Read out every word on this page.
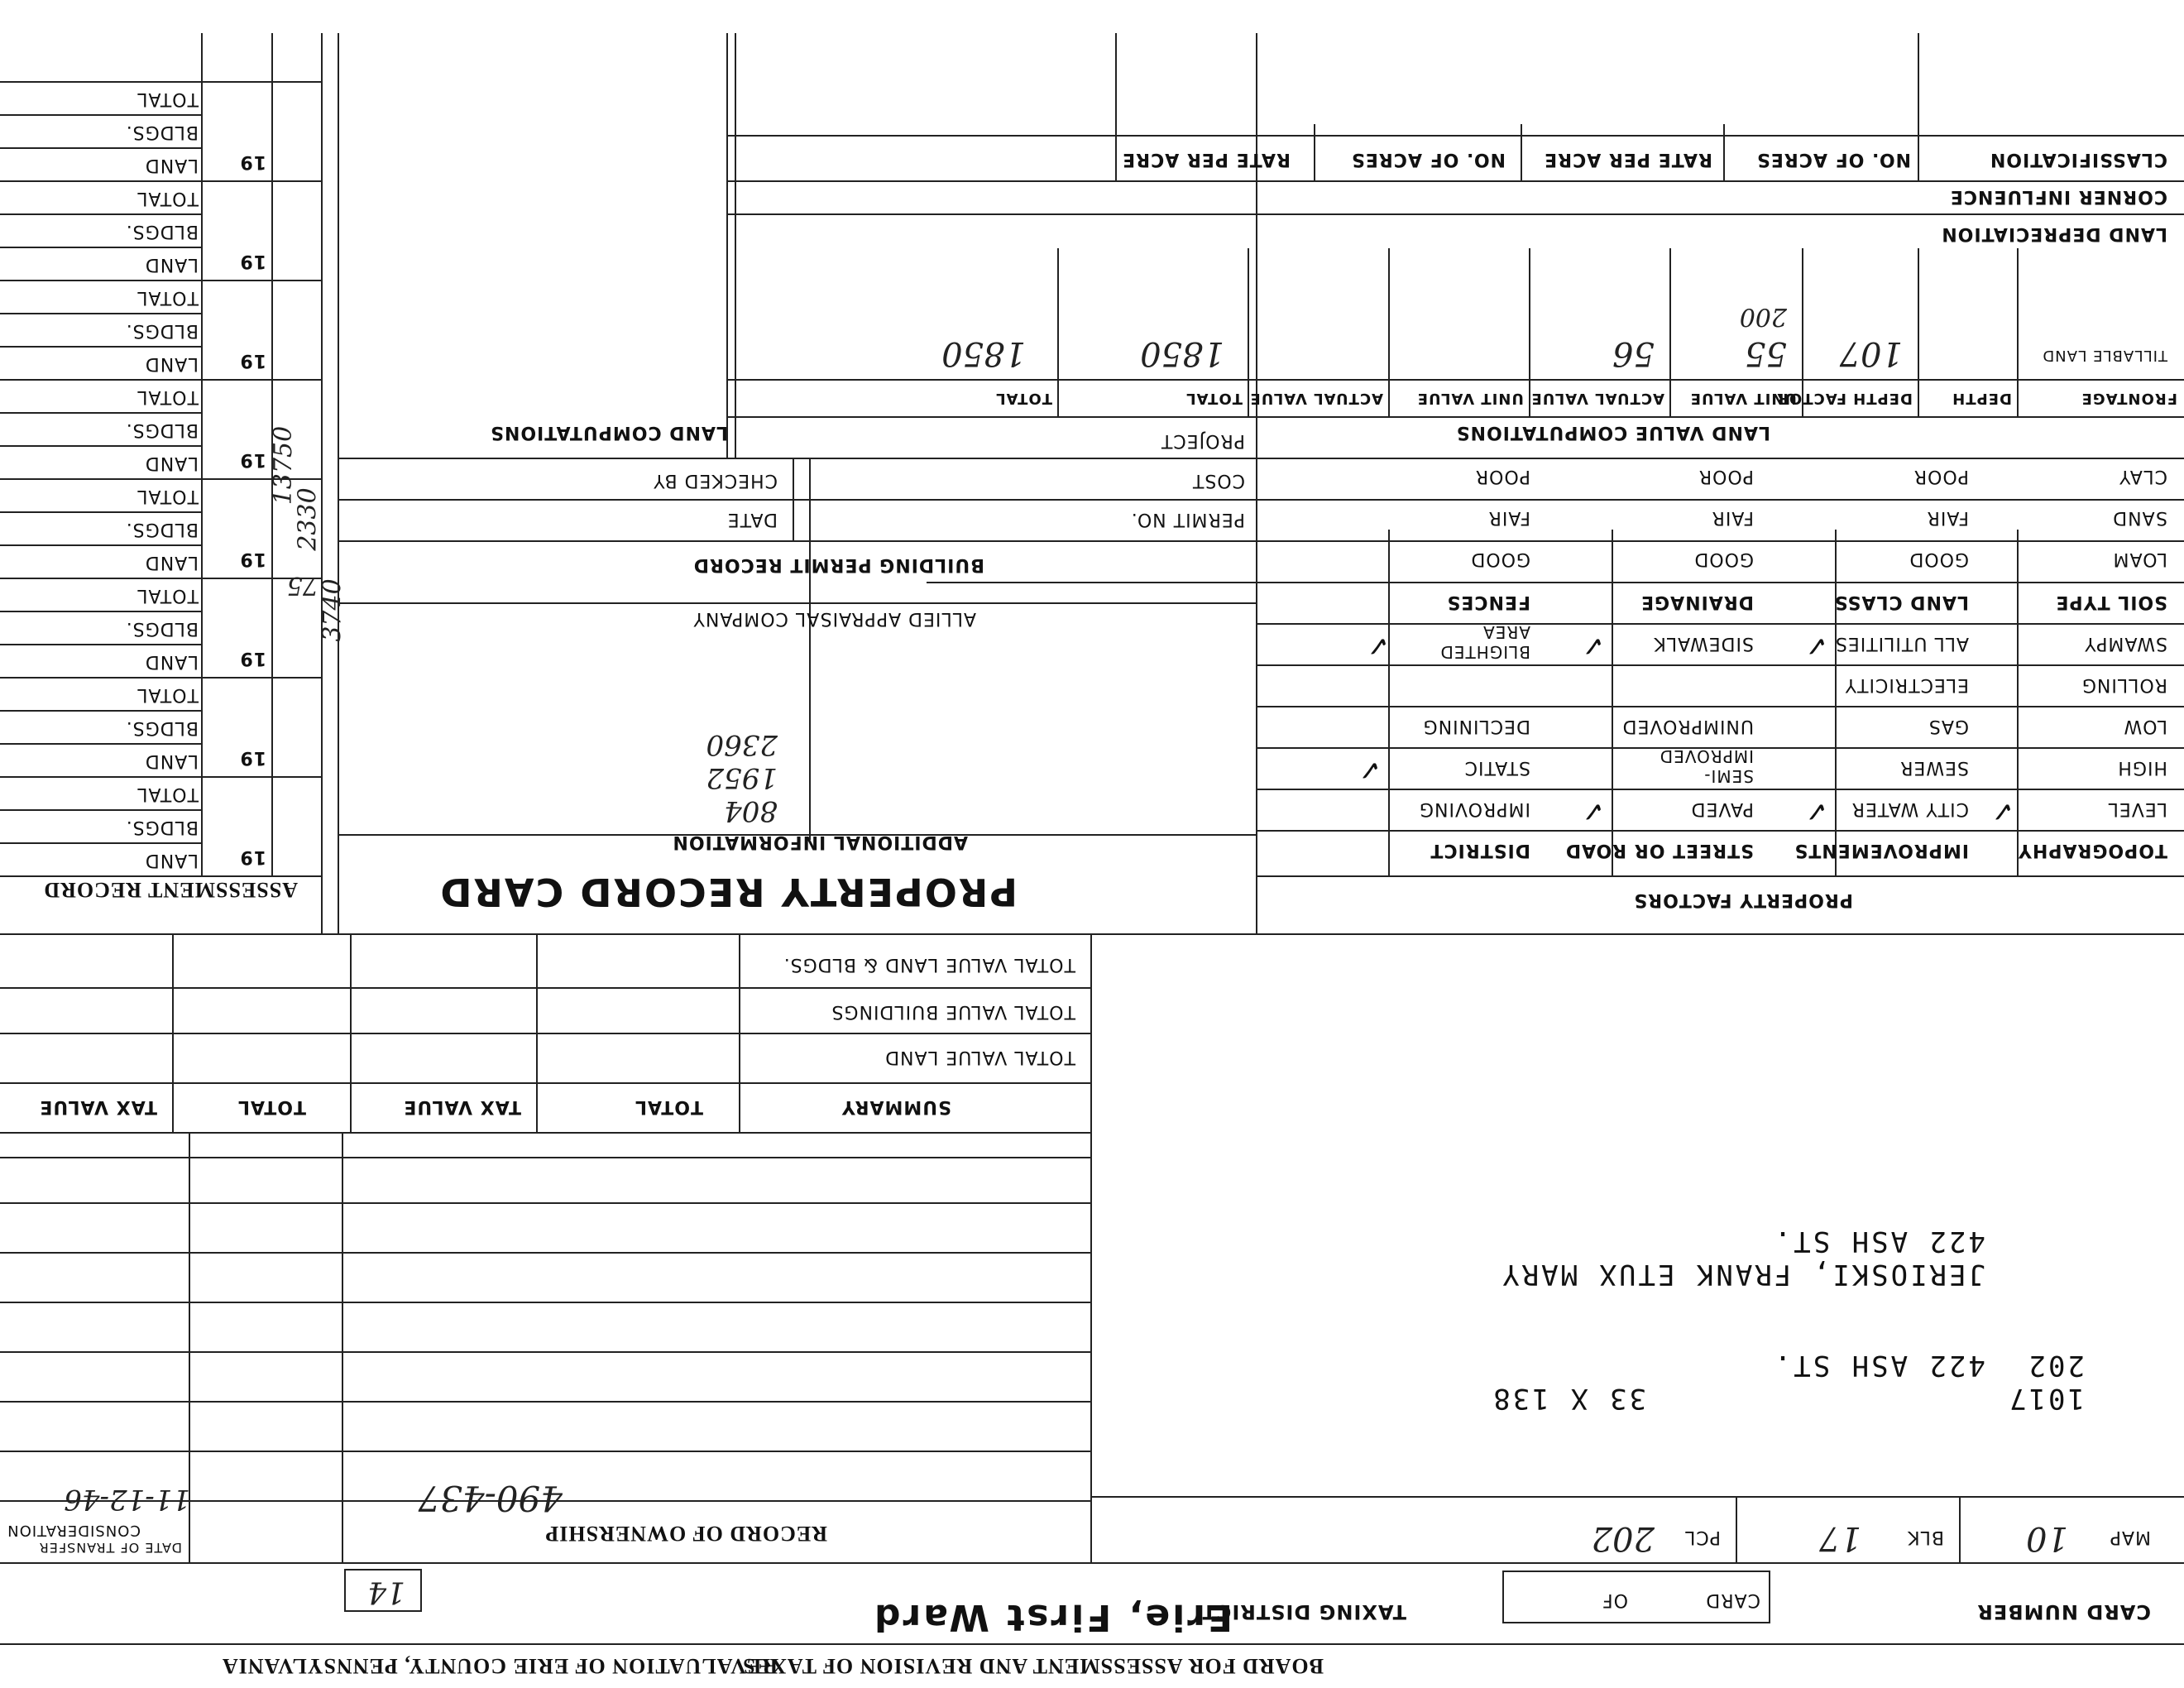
BOARD FOR ASSESSMENT AND REVISION OF TAXES
REVALUATION OF ERIE COUNTY, PENNSYLVANIA
CARD NUMBER
CARD
OF
TAXING DISTRICT
Erie, First Ward
14
MAP
10
BLK
17
PCL
202
1017
202
422 ASH ST.
33 X 138
JERIOSKI, FRANK ETUX MARY
422 ASH ST.
RECORD OF OWNERSHIP
DATE OF TRANSFER
CONSIDERATION
490-437
11-12-46
SUMMARY
TOTAL
TAX VALUE
TOTAL
TAX VALUE
TOTAL VALUE LAND
TOTAL VALUE BUILDINGS
TOTAL VALUE LAND & BLDGS.
PROPERTY FACTORS
PROPERTY RECORD CARD
ASSESSMENT RECORD
TOPOGRAPHY
IMPROVEMENTS
STREET OR ROAD
DISTRICT
LEVEL
✓
CITY WATER
✓
PAVED
✓
IMPROVING
HIGH
SEWER
SEMI-IMPROVED
STATIC
✓
LOW
GAS
UNIMPROVED
DECLINING
ROLLING
ELECTRICITY
SWAMPY
ALL UTILITIES
✓
SIDEWALK
✓
BLIGHTED AREA
✓
SOIL TYPE
LAND CLASS
DRAINAGE
FENCES
LOAM
GOOD
GOOD
GOOD
SAND
FAIR
FAIR
FAIR
CLAY
POOR
POOR
POOR
ADDITIONAL INFORMATION
ALLIED APPRAISAL COMPANY
804
1952
2360
BUILDING PERMIT RECORD
PERMIT NO.
DATE
COST
CHECKED BY
PROJECT
19
LAND
BLDGS.
TOTAL
19
LAND
BLDGS.
TOTAL
19
LAND
BLDGS.
TOTAL
19
LAND
BLDGS.
TOTAL
19
LAND
BLDGS.
TOTAL
19
LAND
BLDGS.
TOTAL
19
LAND
BLDGS.
TOTAL
19
LAND
BLDGS.
TOTAL
75
2330
13750
3740
LAND VALUE COMPUTATIONS
LAND COMPUTATIONS
FRONTAGE
DEPTH
DEPTH FACTOR
UNIT VALUE
ACTUAL VALUE
UNIT VALUE
ACTUAL VALUE
TOTAL
TOTAL
107
55
56
200
1850
1850
LAND DEPRECIATION
CORNER INFLUENCE
CLASSIFICATION
NO. OF ACRES
RATE PER ACRE
NO. OF ACRES
RATE PER ACRE
TILLABLE LAND
